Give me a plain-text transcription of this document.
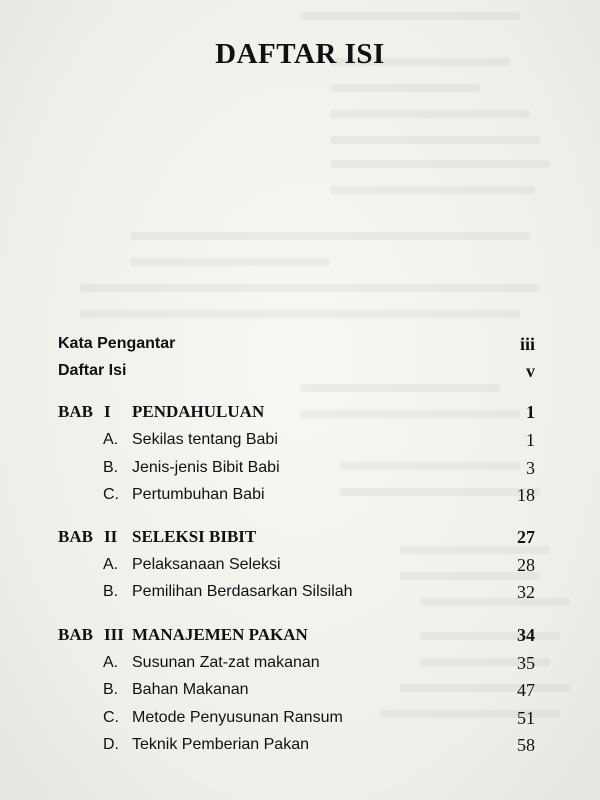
DAFTAR ISI
Kata Pengantar	iii
Daftar Isi	v
BAB I PENDAHULUAN	1
A. Sekilas tentang Babi	1
B. Jenis-jenis Bibit Babi	3
C. Pertumbuhan Babi	18
BAB II SELEKSI BIBIT	27
A. Pelaksanaan Seleksi	28
B. Pemilihan Berdasarkan Silsilah	32
BAB III MANAJEMEN PAKAN	34
A. Susunan Zat-zat makanan	35
B. Bahan Makanan	47
C. Metode Penyusunan Ransum	51
D. Teknik Pemberian Pakan	58
